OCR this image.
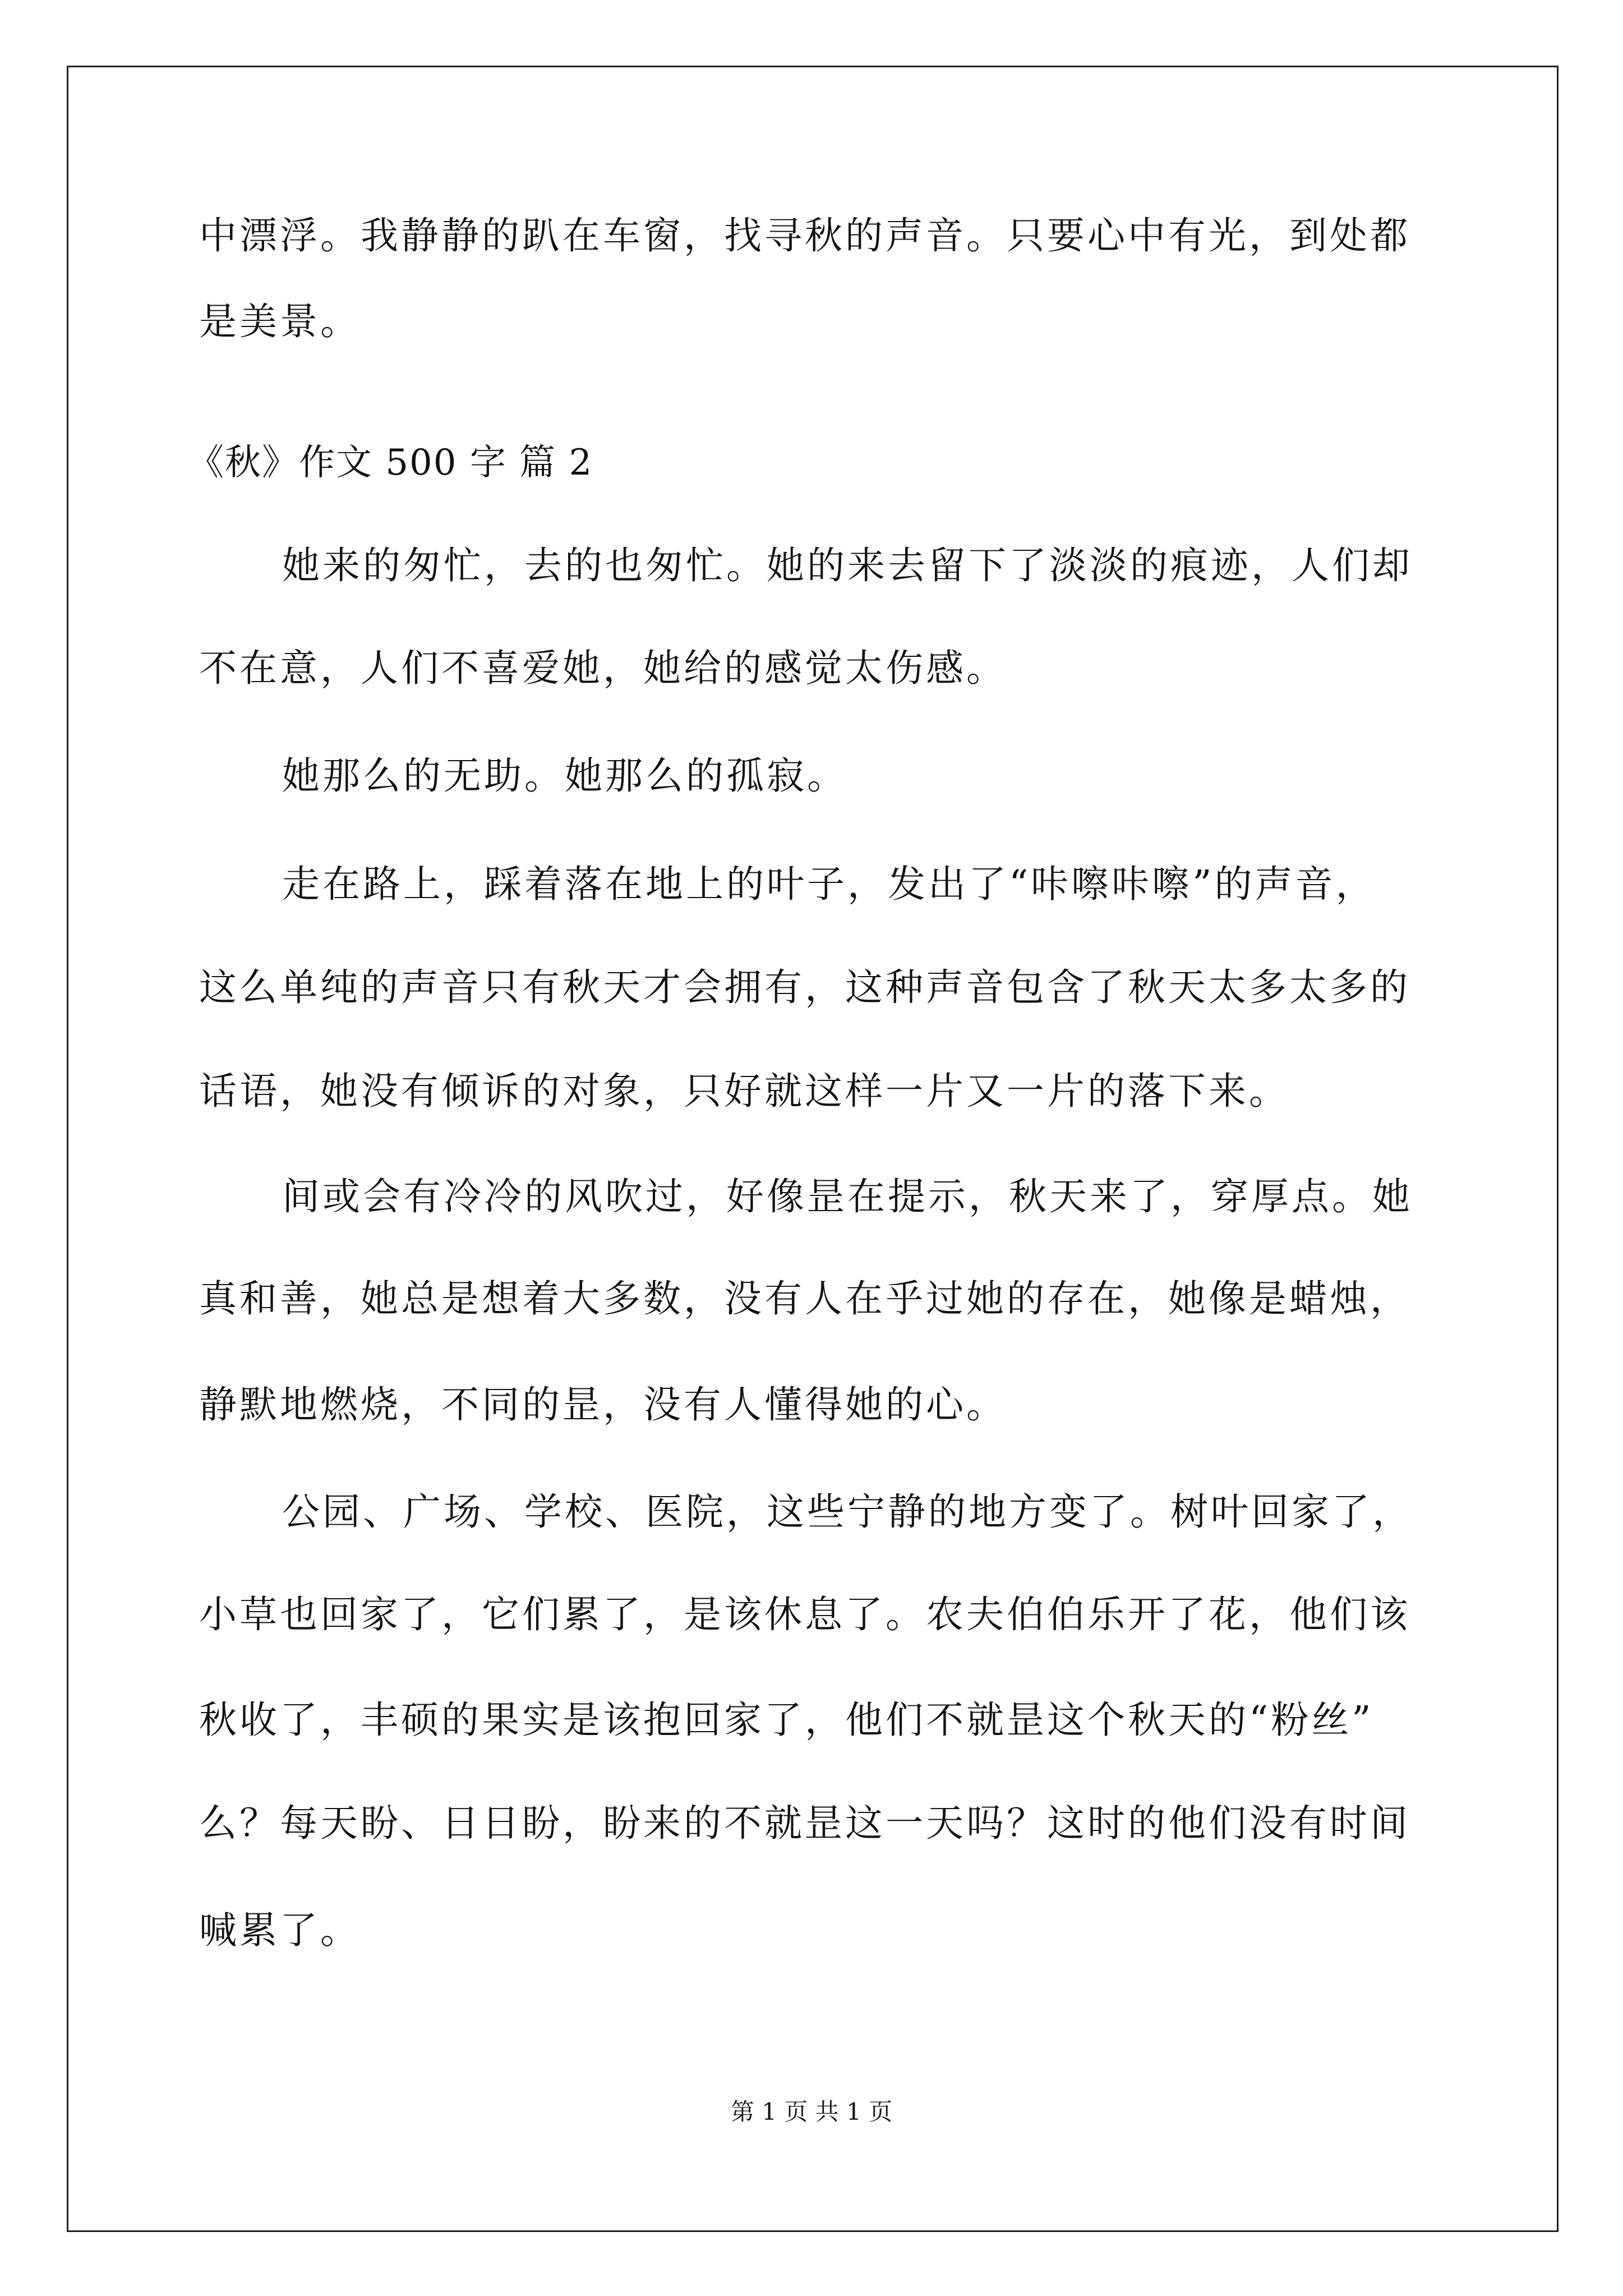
中漂浮。我静静的趴在车窗，找寻秋的声音。只要心中有光，到处都
是美景。
《秋》作文 500 字 篇 2
她来的匆忙，去的也匆忙。她的来去留下了淡淡的痕迹，人们却
不在意，人们不喜爱她，她给的感觉太伤感。
她那么的无助。她那么的孤寂。
走在路上，踩着落在地上的叶子，发出了“咔嚓咔嚓”的声音，
这么单纯的声音只有秋天才会拥有，这种声音包含了秋天太多太多的
话语，她没有倾诉的对象，只好就这样一片又一片的落下来。
间或会有冷冷的风吹过，好像昰在提示，秋天来了，穿厚点。她
真和善，她总是想着大多数，没有人在乎过她的存在，她像是蜡烛，
静默地燃烧，不同的昰，没有人懂得她的心。
公园、广场、学校、医院，这些宁静的地方变了。树叶回家了，
小草也回家了，它们累了，是该休息了。农夫伯伯乐开了花，他们该
秋收了，丰硕的果实是该抱回家了，他们不就昰这个秋天的“粉丝”
么？每天盼、日日盼，盼来的不就昰这一天吗？这时的他们没有时间
喊累了。
第 1 页 共 1 页
